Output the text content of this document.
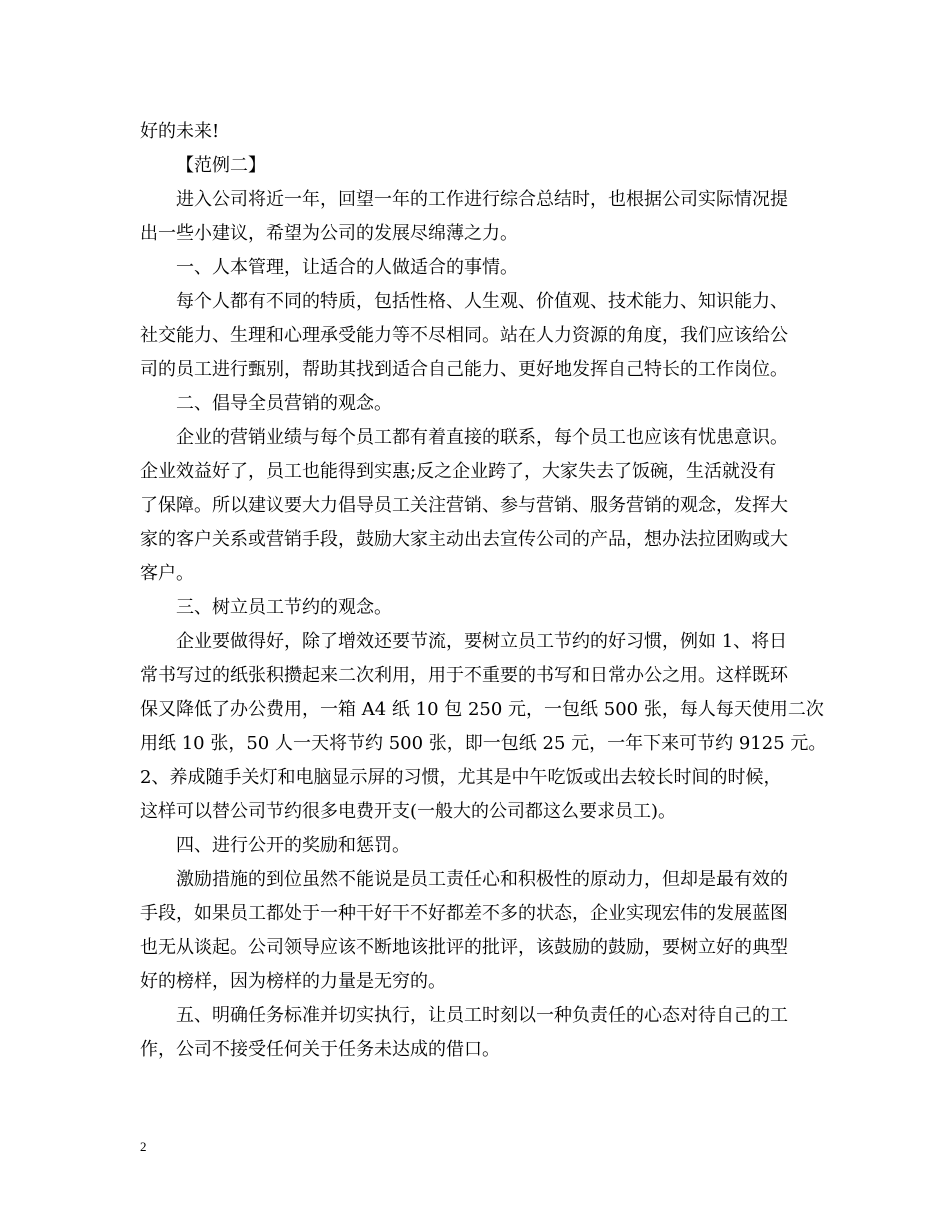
好的未来!
【范例二】
进入公司将近一年，回望一年的工作进行综合总结时，也根据公司实际情况提
出一些小建议，希望为公司的发展尽绵薄之力。
一、人本管理，让适合的人做适合的事情。
每个人都有不同的特质，包括性格、人生观、价值观、技术能力、知识能力、
社交能力、生理和心理承受能力等不尽相同。站在人力资源的角度，我们应该给公
司的员工进行甄别，帮助其找到适合自己能力、更好地发挥自己特长的工作岗位。
二、倡导全员营销的观念。
企业的营销业绩与每个员工都有着直接的联系，每个员工也应该有忧患意识。
企业效益好了，员工也能得到实惠;反之企业跨了，大家失去了饭碗，生活就没有
了保障。所以建议要大力倡导员工关注营销、参与营销、服务营销的观念，发挥大
家的客户关系或营销手段，鼓励大家主动出去宣传公司的产品，想办法拉团购或大
客户。
三、树立员工节约的观念。
企业要做得好，除了增效还要节流，要树立员工节约的好习惯，例如 1、将日
常书写过的纸张积攒起来二次利用，用于不重要的书写和日常办公之用。这样既环
保又降低了办公费用，一箱 A4 纸 10 包 250 元，一包纸 500 张，每人每天使用二次
用纸 10 张，50 人一天将节约 500 张，即一包纸 25 元，一年下来可节约 9125 元。
2、养成随手关灯和电脑显示屏的习惯，尤其是中午吃饭或出去较长时间的时候，
这样可以替公司节约很多电费开支(一般大的公司都这么要求员工)。
四、进行公开的奖励和惩罚。
激励措施的到位虽然不能说是员工责任心和积极性的原动力，但却是最有效的
手段，如果员工都处于一种干好干不好都差不多的状态，企业实现宏伟的发展蓝图
也无从谈起。公司领导应该不断地该批评的批评，该鼓励的鼓励，要树立好的典型
好的榜样，因为榜样的力量是无穷的。
五、明确任务标准并切实执行，让员工时刻以一种负责任的心态对待自己的工
作，公司不接受任何关于任务未达成的借口。
2
